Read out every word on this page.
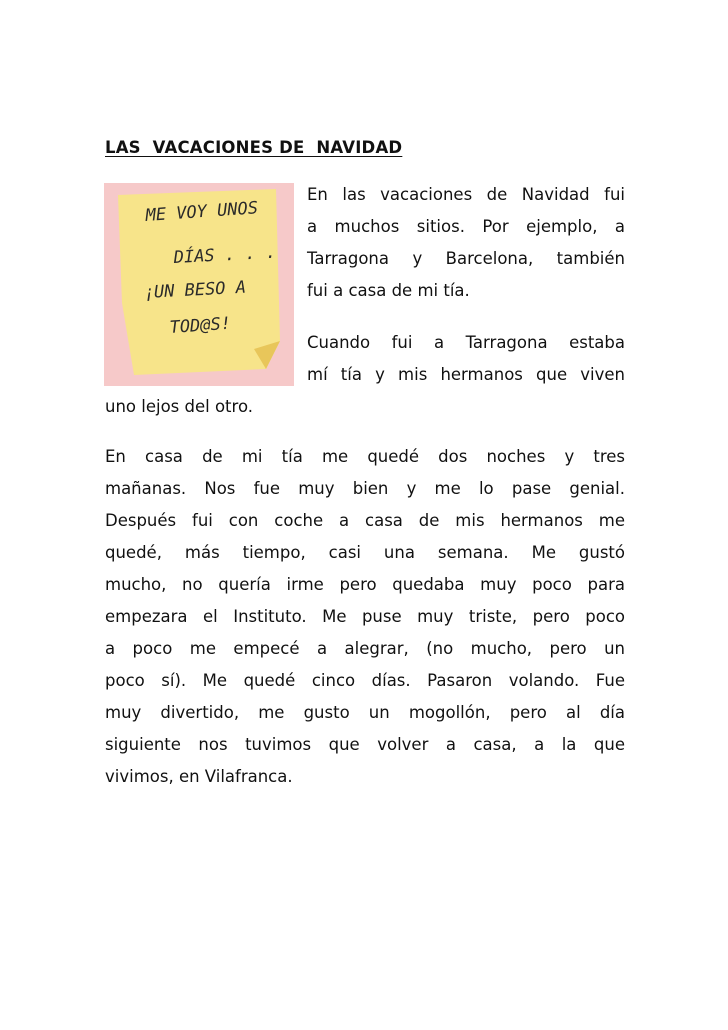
LAS  VACACIONES DE  NAVIDAD
ME VOY UNOS
DÍAS . . .
¡UN BESO A
TOD@S!
En las vacaciones de Navidad fui
a muchos sitios. Por ejemplo, a
Tarragona y Barcelona, también
fui a casa de mi tía.
Cuando fui a Tarragona estaba
mí tía y mis hermanos que viven
uno lejos del otro.
En casa de mi tía me quedé dos noches y tres
mañanas. Nos fue muy bien y me lo pase genial.
Después fui con coche a casa de mis hermanos me
quedé, más tiempo, casi una semana. Me gustó
mucho, no quería irme pero quedaba muy poco para
empezara el Instituto. Me puse muy triste, pero poco
a poco me empecé a alegrar, (no mucho, pero un
poco sí). Me quedé cinco días. Pasaron volando. Fue
muy divertido, me gusto un mogollón, pero al día
siguiente nos tuvimos que volver a casa, a la que
vivimos, en Vilafranca.
